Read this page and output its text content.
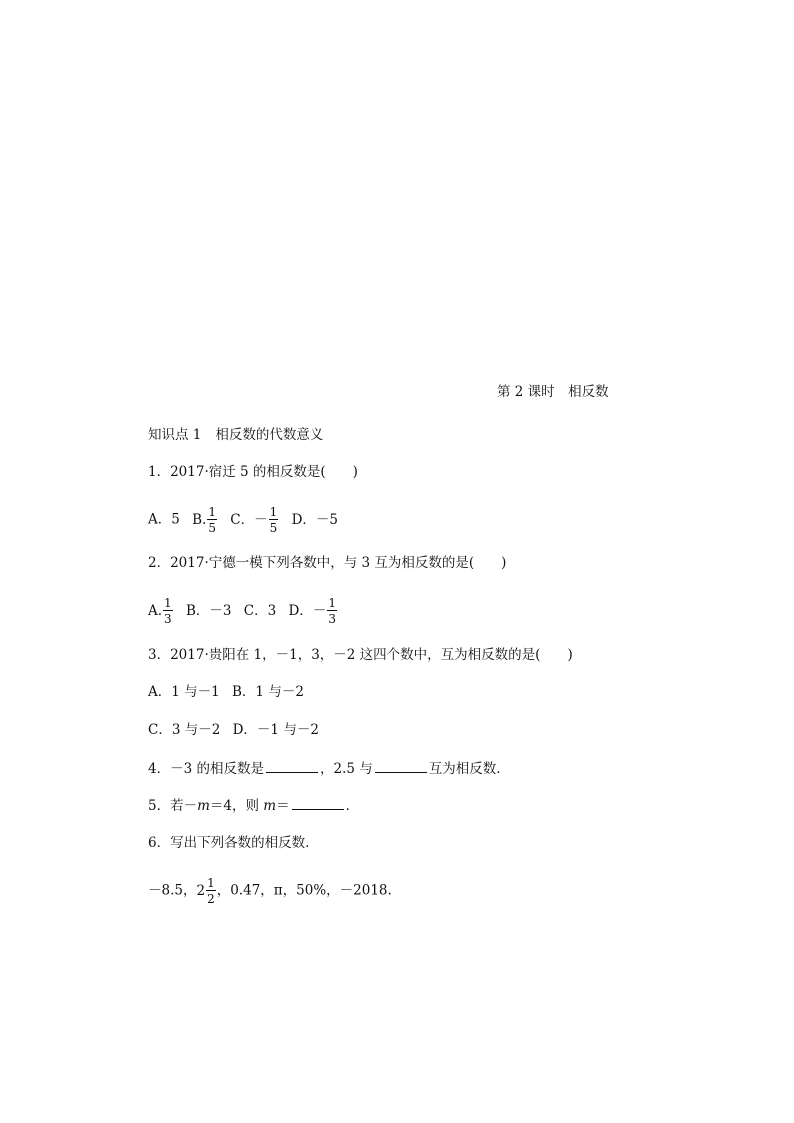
第 2 课时　相反数
知识点 1 相反数的代数意义
1．2017·宿迁 5 的相反数是(　　)
A．5 B. $\frac{1}{5}$ C．－ $\frac{1}{5}$ D．－5
2．2017·宁德一模下列各数中，与 3 互为相反数的是(　　)
A. $\frac{1}{3}$ B．－3 C．3 D．－ $\frac{1}{3}$
3．2017·贵阳在 1，－1，3，－2 这四个数中，互为相反数的是(　　)
A．1 与－1 B．1 与－2
C．3 与－2 D．－1 与－2
4．－3 的相反数是	，2.5 与	互为相反数．
5．若－m＝4，则 m＝	．
6．写出下列各数的相反数．
－8.5，$2 \frac{1}{2}$ ，0.47，π，50%，－2018.
